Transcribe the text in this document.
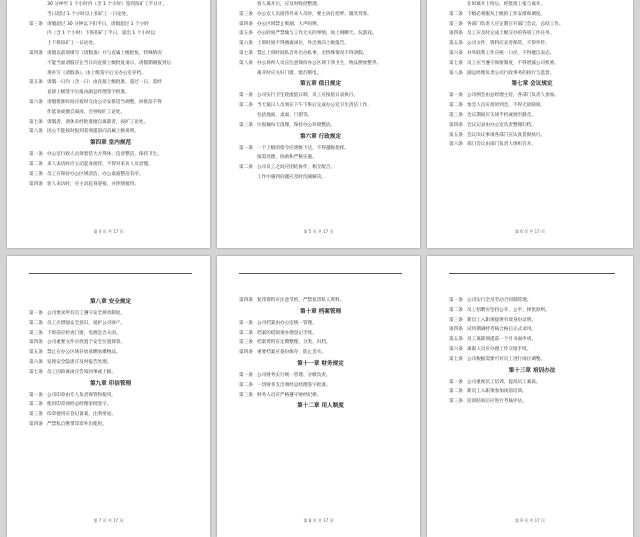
30 分钟至 1 个小时内（含 1 个小时）签到扣矿工半日计，
当日超过 1 个小时以上扣矿工一日论处。
第三条 请假超过 30 分钟以下扣半日，请假超过 1 个小时
内（含 1 个小时）下班扣矿工半日，超出 1 个小时以
上下班扣矿工一日论处。
第四条 请假以前须填写《请假条》并与直属上级批复，特殊情况
不能当面请假应在当日向直接上级批复请示，请假期满报到后
须补写《请假条》，由上级签字后交办公室存档。
第五条 请假一日内（含一日）由直接上级批准，超过一日，需经
直接上级签字后报由副总经理签字批准。
第六条 请假批准时间应按时交由公司安排适当调整，回批前不得
作延误或擅自离岗，否则按旷工论处。
第七条 请假者，请休未经批准擅自离职者，按旷工论处。
第八条 因公不能按时报到者须提前向直属上级说明。
第四章 室内规范
第一条 办公室行政人员须着装大方得体，仪容整洁，保持卫生。
第二条 来人来访时应主动起身接待，不得对来访人员怠慢。
第三条 员工应保持办公区域清洁，办公桌面整洁有序。
第四条 客人来访时，应主动起身迎接，并热情接待。
第 4 页 共 17 页
客人离开后，应及时收拾整理。
第三条 办公室人员接待外来人员时，要主动打招呼、微笑待客。
第四条 办公区域禁止吸烟、大声喧哗。
第五条 办公时间严禁做与工作无关的事情，如上网聊天、玩游戏。
第六条 上班时间不得擅离岗位，外出须向上级报告。
第七条 禁止上班时间私自外出办私事，无特殊情况不得请假。
第八条 办公场所人员应注意保持办公区域干净卫生，物品摆放整齐。
离开时应关好门窗，熄灯断电。
第五章 值日规定
第一条 公司实行卫生轮流值日制，员工应按值日表执行。
第二条 当天值日人员须在下午下班后完成办公室卫生清洁工作，
包括地面、桌面、门窗等。
第三条 垃圾桶每天清理，保持办公环境整洁。
第六章 行政规定
第一条 一个上级的指令应逐级下达，不得越级指挥。
按需处理，协助和严格实施。
第二条 公司员工之间应团结协作，相互配合。
工作中遇到问题应及时沟通解决。
第 5 页 共 17 页
在时离开上班后，经批准上报与离开。
第二条 下级必须服从上级的工作安排和调度。
第三条 各部门负责人应定期召开部门会议，总结工作。
第四条 员工应及时完成上级交办的各项工作任务。
第五条 公司文件、资料应妥善保管，不得外传。
第六条 对外联系工作应统一口径，不得擅自表态。
第七条 员工应当遵守保密制度，不得泄露公司机密。
第八条 副总经理负责公司行政事务的执行与监督。
第七章 会议规定
第一条 公司例会由总经理主持，各部门负责人参加。
第二条 参会人员应准时到会，不得无故缺席。
第三条 会议期间应关闭手机或调至静音。
第四条 会议记录由办公室负责整理归档。
第五条 会议决议事项各部门应认真贯彻执行。
第六条 部门会议由部门负责人组织召开。
第 6 页 共 17 页
第八章 安全规定
第一条 公司要求所有员工遵守安全规章制度。
第二条 员工应增强安全意识，爱护公司财产。
第三条 下班前应检查门窗、电源是否关闭。
第四条 公司重要文件应放置于安全位置保管。
第五条 禁止在办公区域存放易燃易爆物品。
第六条 发现安全隐患应及时报告处理。
第七条 员工因故离岗应告知同事或上级。
第九章 印信管理
第一条 公司印章由专人负责保管和使用。
第二条 使用印章须经总经理审批签字。
第三条 印章使用应登记备案，注明用途。
第四条 严禁私自携带印章外出使用。
第 7 页 共 17 页
第四条 复印资料应注意节约，严禁复印私人资料。
第十章 档案管理
第一条 公司档案由办公室统一管理。
第二条 档案的借阅须办理登记手续。
第三条 档案资料应定期整理、分类、归档。
第四条 重要档案应备份保存，防止丢失。
第十一章 财务规定
第一条 公司财务实行统一管理、分级负责。
第二条 一切财务支出须经总经理签字批准。
第三条 财务人员应严格遵守财经纪律。
第十二章 用人制度
第 8 页 共 17 页
第一条 公司实行全员劳动合同制管理。
第二条 员工招聘应坚持公开、公平、择优原则。
第三条 新员工入职须提供有效身份证明。
第四条 试用期满经考核合格后正式录用。
第五条 员工离职须提前一个月书面申请。
第六条 离职人员应办理工作交接手续。
第七条 公司根据需要可对员工进行岗位调整。
第十三章 培训办法
第一条 公司重视员工培训，提高员工素质。
第二条 新员工入职须参加岗前培训。
第三条 培训结束后应进行考核评估。
第 9 页 共 17 页
